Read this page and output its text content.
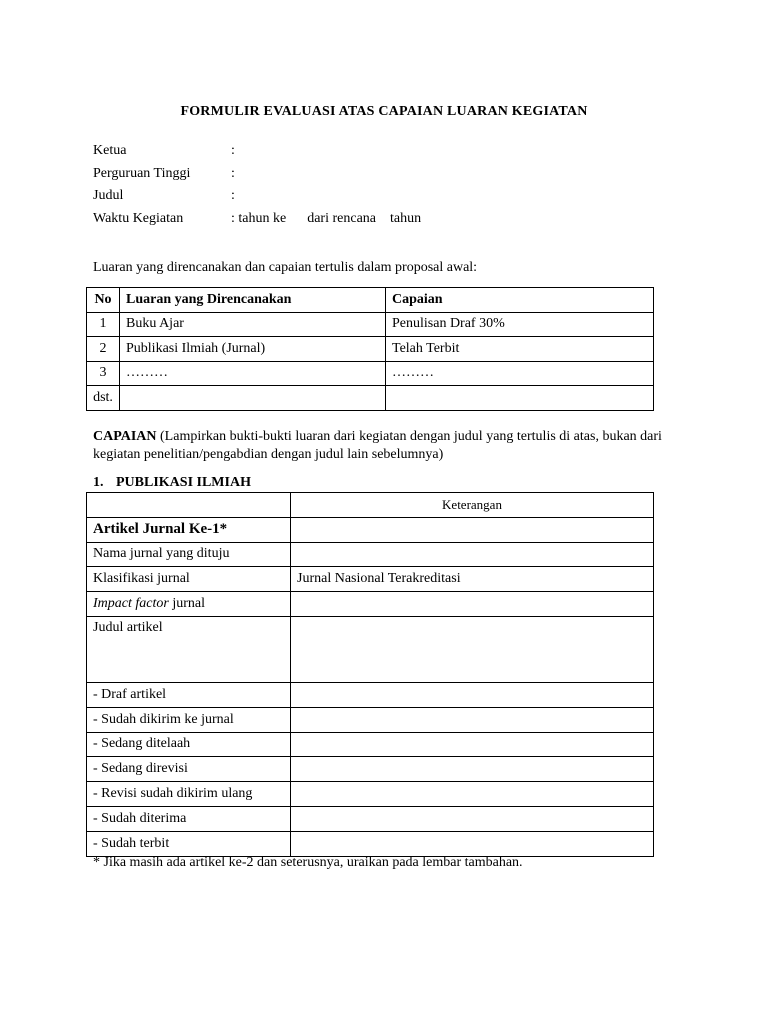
FORMULIR EVALUASI ATAS CAPAIAN LUARAN KEGIATAN
Ketua	:
Perguruan Tinggi	:
Judul	:
Waktu Kegiatan	: tahun ke      dari rencana    tahun
Luaran yang direncanakan dan capaian tertulis dalam proposal awal:
No	Luaran yang Direncanakan	Capaian
1	Buku Ajar	Penulisan Draf 30%
2	Publikasi Ilmiah (Jurnal)	Telah Terbit
3	………	………
dst.		
CAPAIAN (Lampirkan bukti-bukti luaran dari kegiatan dengan judul yang tertulis di atas, bukan dari kegiatan penelitian/pengabdian dengan judul lain sebelumnya)
1. PUBLIKASI ILMIAH
	Keterangan
Artikel Jurnal Ke-1*	
Nama jurnal yang dituju	
Klasifikasi jurnal	Jurnal Nasional Terakreditasi
Impact factor jurnal	
Judul artikel	
- Draf artikel	
- Sudah dikirim ke jurnal	
- Sedang ditelaah	
- Sedang direvisi	
- Revisi sudah dikirim ulang	
- Sudah diterima	
- Sudah terbit	
* Jika masih ada artikel ke-2 dan seterusnya, uraikan pada lembar tambahan.
